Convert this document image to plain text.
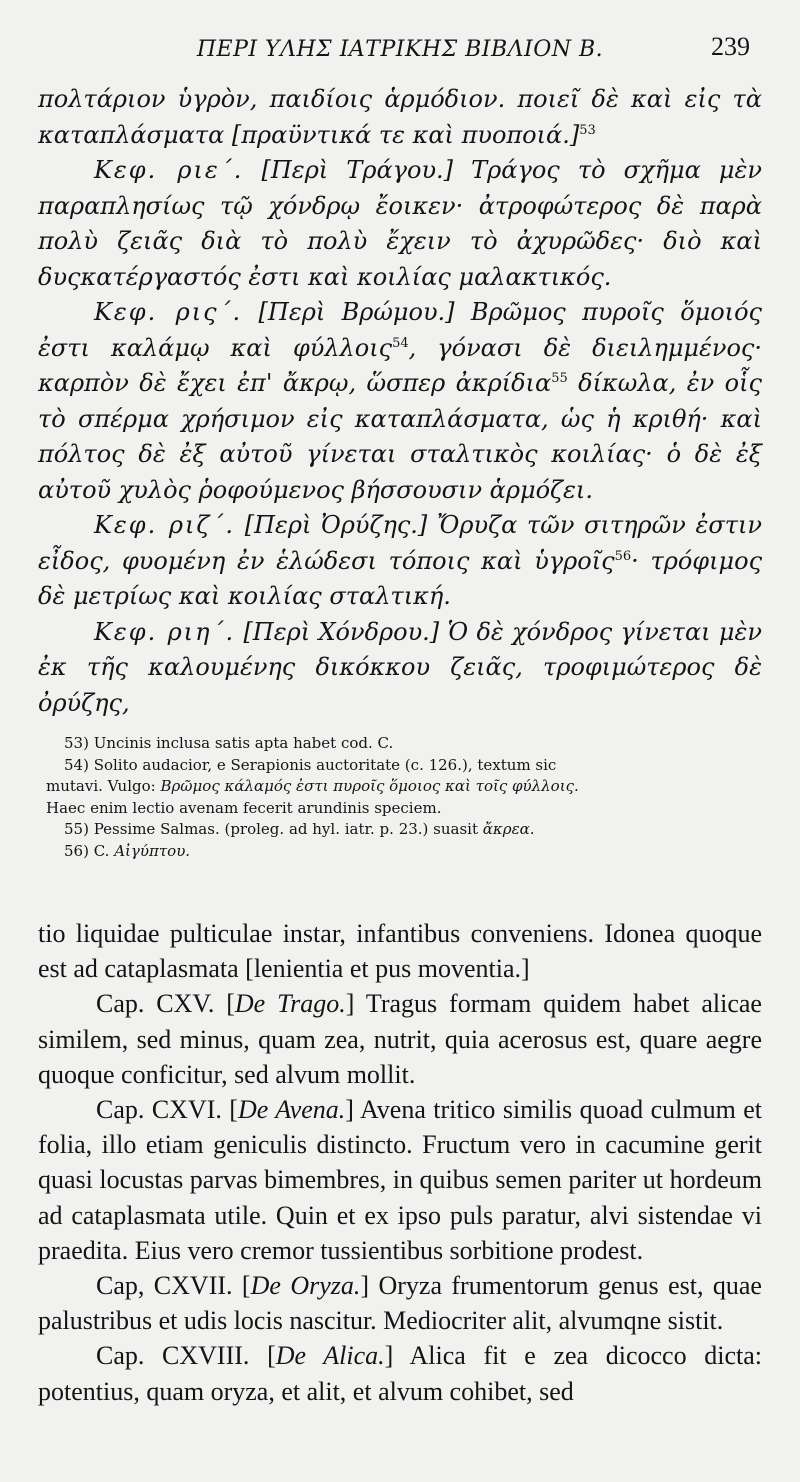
ΠΕΡΙ ΥΛΗΣ ΙΑΤΡΙΚΗΣ ΒΙΒΛΙΟΝ Β.	239

πολτάριον ὑγρὸν, παιδίοις ἁρμόδιον. ποιεῖ δὲ καὶ εἰς τὰ καταπλάσματα [πραϋντικά τε καὶ πυοποιά.]$^{53}$

Κεφ. ριε΄. [Περὶ Τράγου.] Τράγος τὸ σχῆμα μὲν παραπλησίως τῷ χόνδρῳ ἔοικεν· ἀτροφώτερος δὲ παρὰ πολὺ ζειᾶς διὰ τὸ πολὺ ἔχειν τὸ ἀχυρῶδες· διὸ καὶ δυςκατέργαστός ἐστι καὶ κοιλίας μαλακτικός.

Κεφ. ρις΄. [Περὶ Βρώμου.] Βρῶμος πυροῖς ὅμοιός ἐστι καλάμῳ καὶ φύλλοις$^{54}$, γόνασι δὲ διειλημμένος· καρπὸν δὲ ἔχει ἐπ' ἄκρῳ, ὥσπερ ἀκρίδια$^{55}$ δίκωλα, ἐν οἷς τὸ σπέρμα χρήσιμον εἰς καταπλάσματα, ὡς ἡ κριθή· καὶ πόλτος δὲ ἐξ αὐτοῦ γίνεται σταλτικὸς κοιλίας· ὁ δὲ ἐξ αὐτοῦ χυλὸς ῥοφούμενος βήσσουσιν ἁρμόζει.

Κεφ. ριζ΄. [Περὶ Ὀρύζης.] Ὄρυζα τῶν σιτηρῶν ἐστιν εἶδος, φυομένη ἐν ἑλώδεσι τόποις καὶ ὑγροῖς$^{56}$· τρόφιμος δὲ μετρίως καὶ κοιλίας σταλτική.

Κεφ. ριη΄. [Περὶ Χόνδρου.] Ὁ δὲ χόνδρος γίνεται μὲν ἐκ τῆς καλουμένης δικόκκου ζειᾶς, τροφιμώτερος δὲ ὀρύζης,

53) Uncinis inclusa satis apta habet cod. C.

54) Solito audacior, e Serapionis auctoritate (c. 126.), textum sic

mutavi. Vulgo: Βρῶμος κάλαμός ἐστι πυροῖς ὅμοιος καὶ τοῖς φύλλοις.

Haec enim lectio avenam fecerit arundinis speciem.

55) Pessime Salmas. (proleg. ad hyl. iatr. p. 23.) suasit ἄκρεα.

56) C. Αἰγύπτου.

tio liquidae pulticulae instar, infantibus conveniens. Idonea quoque est ad cataplasmata [lenientia et pus moventia.]

Cap. CXV. [De Trago.] Tragus formam quidem habet alicae similem, sed minus, quam zea, nutrit, quia acerosus est, quare aegre quoque conficitur, sed alvum mollit.

Cap. CXVI. [De Avena.] Avena tritico similis quoad culmum et folia, illo etiam geniculis distincto. Fructum vero in cacumine gerit quasi locustas parvas bimembres, in quibus semen pariter ut hordeum ad cataplasmata utile. Quin et ex ipso puls paratur, alvi sistendae vi praedita. Eius vero cremor tussientibus sorbitione prodest.

Cap, CXVII. [De Oryza.] Oryza frumentorum genus est, quae palustribus et udis locis nascitur. Mediocriter alit, alvumqne sistit.

Cap. CXVIII. [De Alica.] Alica fit e zea dicocco dicta: potentius, quam oryza, et alit, et alvum cohibet, sed
